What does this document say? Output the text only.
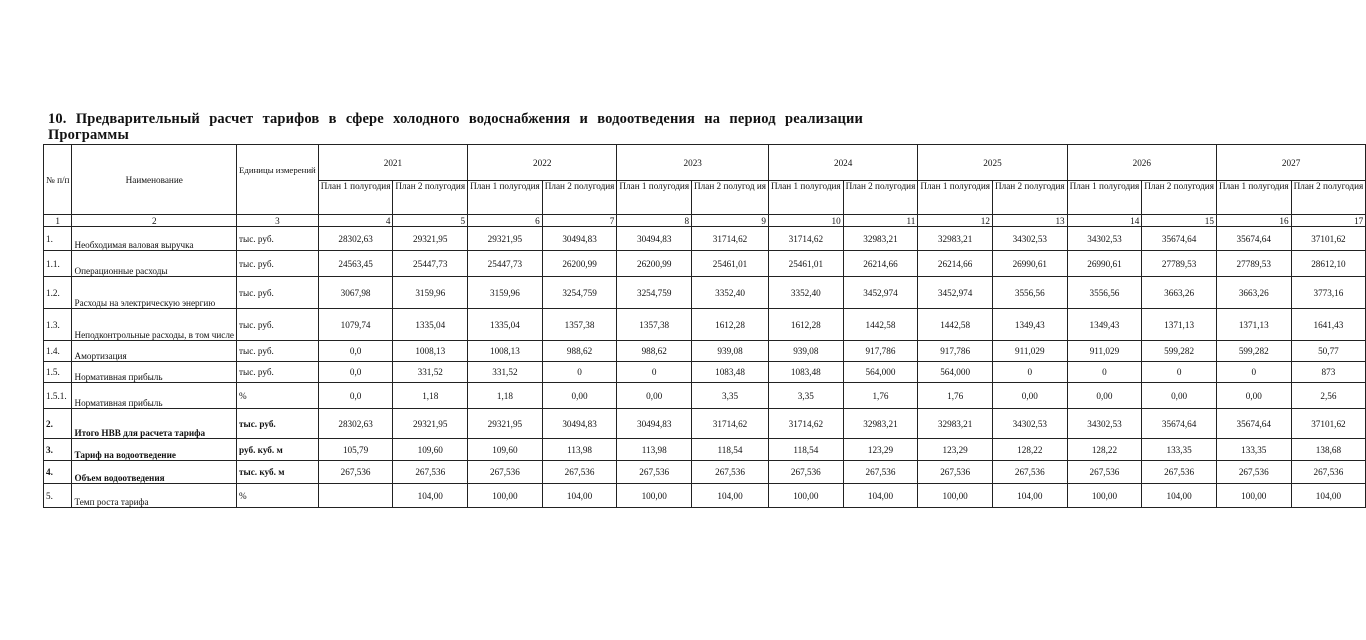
10. Предварительный расчет тарифов в сфере холодного водоснабжения и водоотведения на период реализации Программы
№ п/п	Наименование	Единицы измерений	2021		2022		2023		2024		2025		2026		2027	
			План 1 полугодия	План 2 полугодия	План 1 полугодия	План 2 полугодия	План 1 полугодия	План 2 полугод ия	План 1 полугодия	План 2 полугодия	План 1 полугодия	План 2 полугодия	План 1 полугодия	План 2 полугодия	План 1 полугодия	План 2 полугодия
1	2	3	4	5	6	7	8	9	10	11	12	13	14	15	16	17
1.	Необходимая валовая выручка	тыс. руб.	28302,63	29321,95	29321,95	30494,83	30494,83	31714,62	31714,62	32983,21	32983,21	34302,53	34302,53	35674,64	35674,64	37101,62
1.1.	Операционные расходы	тыс. руб.	24563,45	25447,73	25447,73	26200,99	26200,99	25461,01	25461,01	26214,66	26214,66	26990,61	26990,61	27789,53	27789,53	28612,10
1.2.	Расходы на электрическую энергию	тыс. руб.	3067,98	3159,96	3159,96	3254,759	3254,759	3352,40	3352,40	3452,974	3452,974	3556,56	3556,56	3663,26	3663,26	3773,16
1.3.	Неподконтрольные расходы, в том числе	тыс. руб.	1079,74	1335,04	1335,04	1357,38	1357,38	1612,28	1612,28	1442,58	1442,58	1349,43	1349,43	1371,13	1371,13	1641,43
1.4.	Амортизация	тыс. руб.	0,0	1008,13	1008,13	988,62	988,62	939,08	939,08	917,786	917,786	911,029	911,029	599,282	599,282	50,77
1.5.	Нормативная прибыль	тыс. руб.	0,0	331,52	331,52	0	0	1083,48	1083,48	564,000	564,000	0	0	0	0	873
1.5.1.	Нормативная прибыль	%	0,0	1,18	1,18	0,00	0,00	3,35	3,35	1,76	1,76	0,00	0,00	0,00	0,00	2,56
2.	Итого НВВ для расчета тарифа	тыс. руб.	28302,63	29321,95	29321,95	30494,83	30494,83	31714,62	31714,62	32983,21	32983,21	34302,53	34302,53	35674,64	35674,64	37101,62
3.	Тариф на водоотведение	руб. куб. м	105,79	109,60	109,60	113,98	113,98	118,54	118,54	123,29	123,29	128,22	128,22	133,35	133,35	138,68
4.	Объем водоотведения	тыс. куб. м	267,536	267,536	267,536	267,536	267,536	267,536	267,536	267,536	267,536	267,536	267,536	267,536	267,536	267,536
5.	Темп роста тарифа	%		104,00	100,00	104,00	100,00	104,00	100,00	104,00	100,00	104,00	100,00	104,00	100,00	104,00
